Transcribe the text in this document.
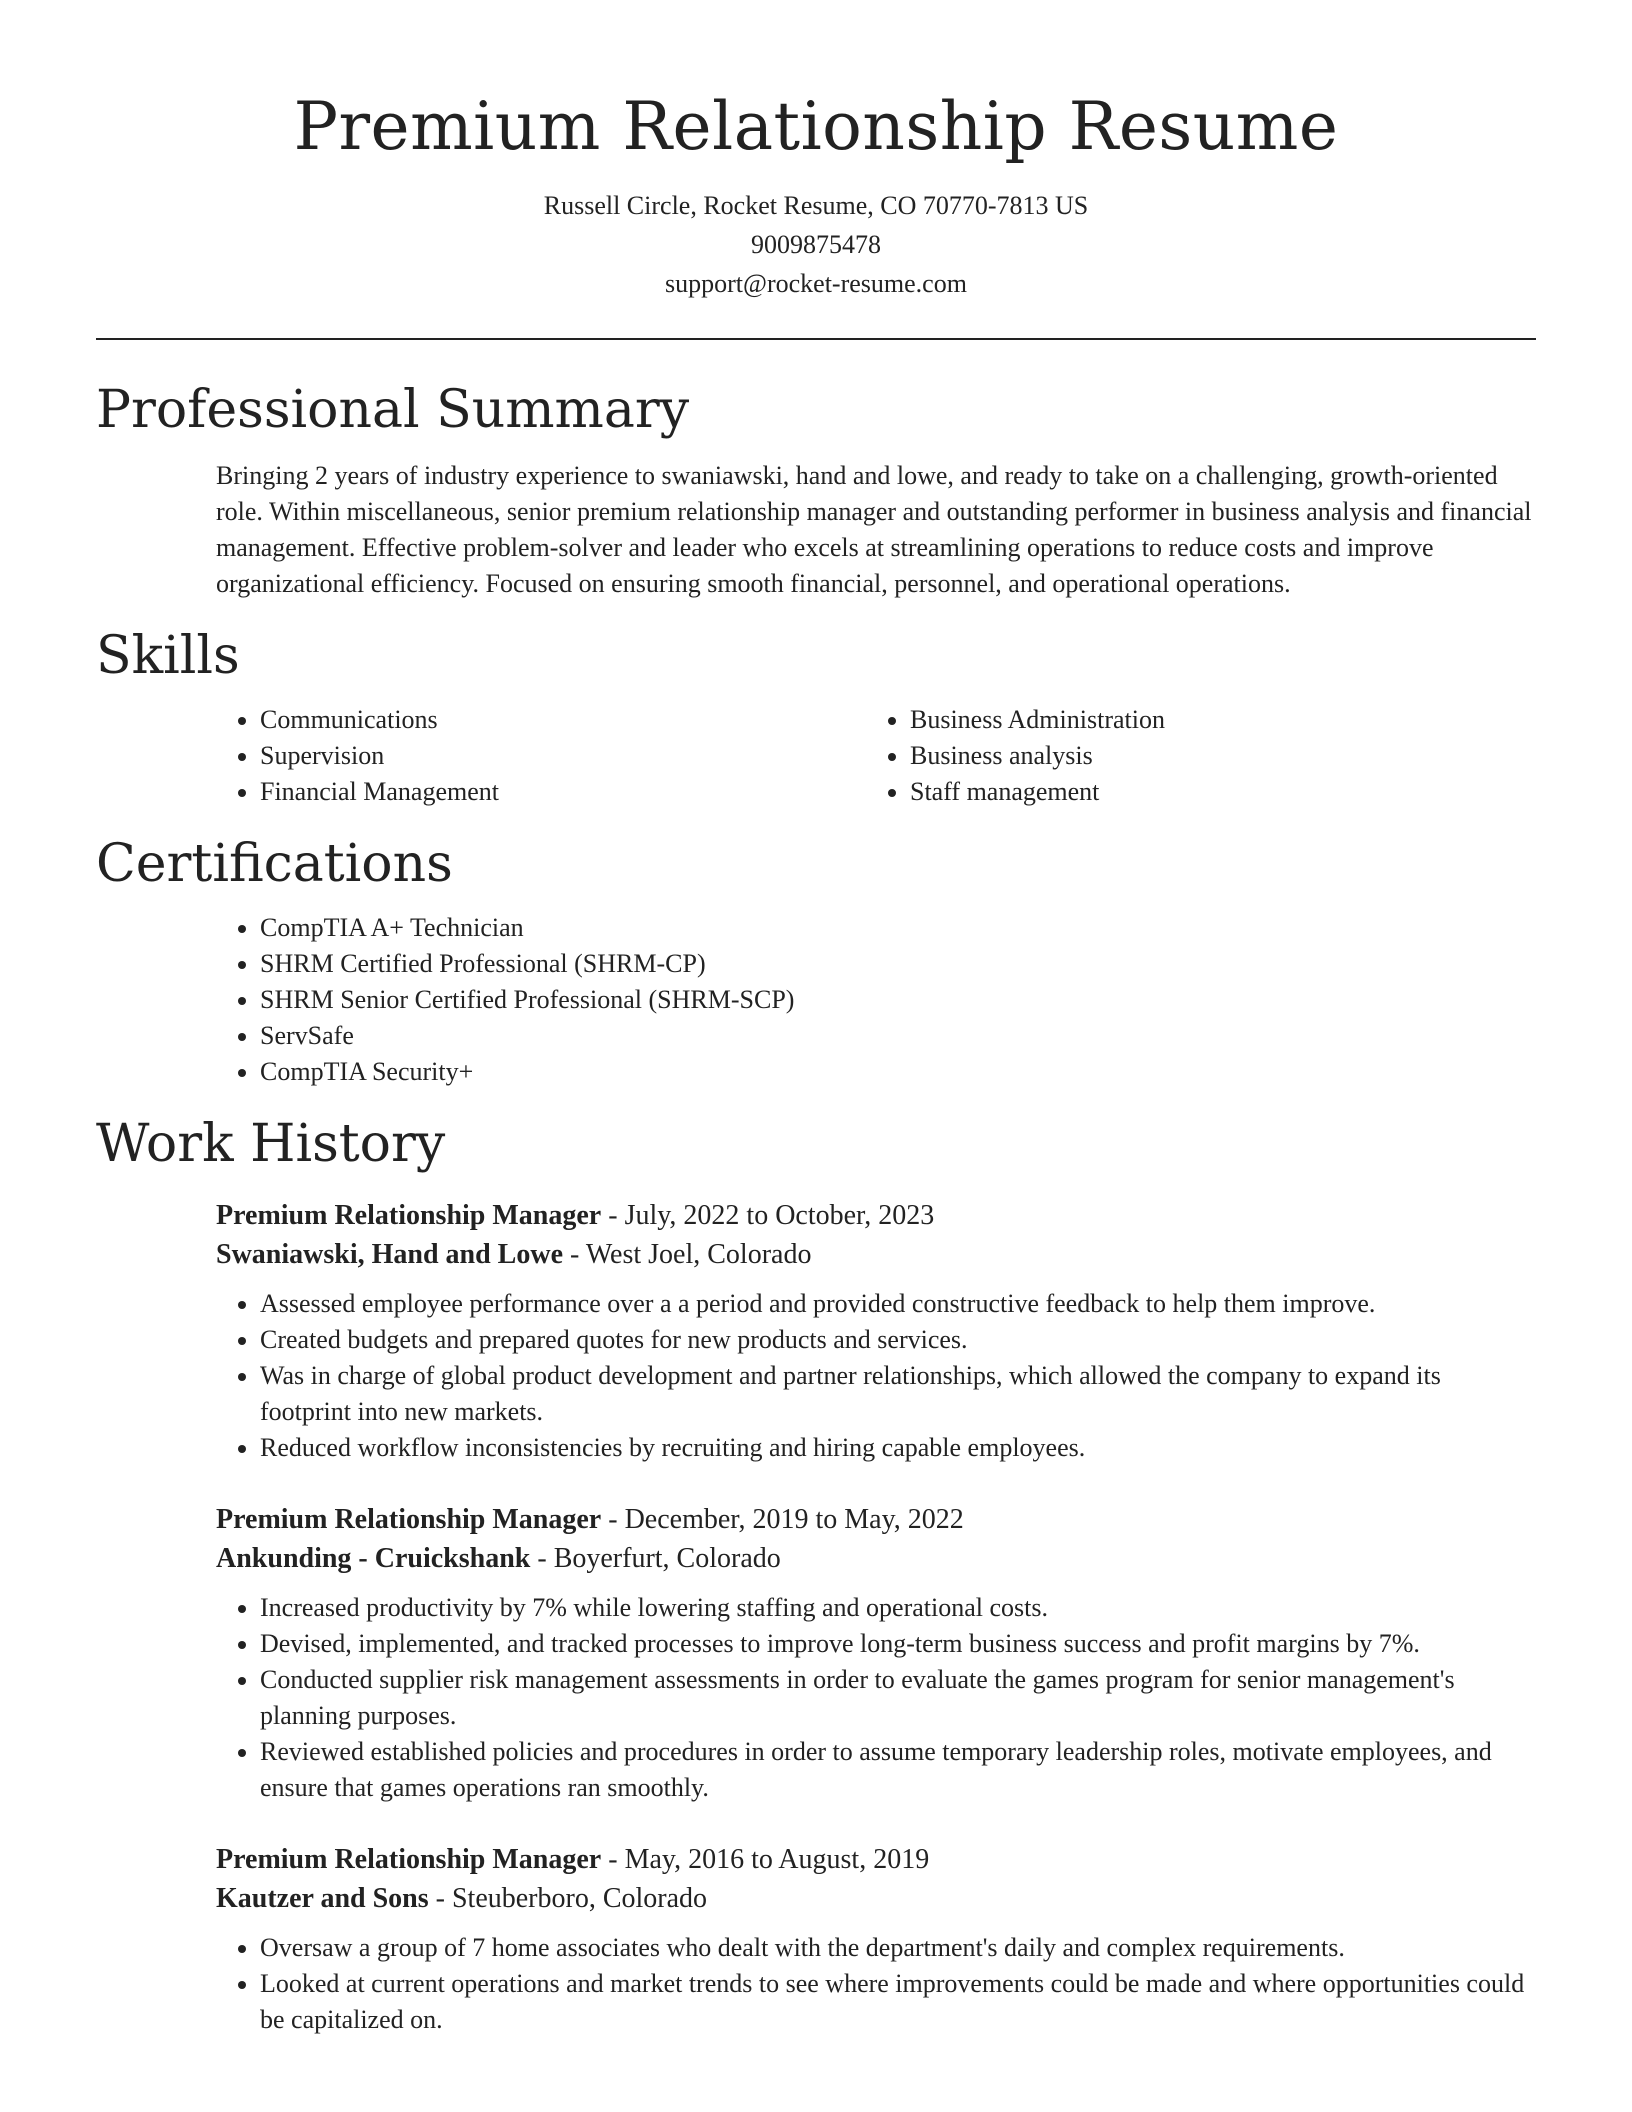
Premium Relationship Resume
Russell Circle, Rocket Resume, CO 70770-7813 US
9009875478
support@rocket-resume.com
Professional Summary
Bringing 2 years of industry experience to swaniawski, hand and lowe, and ready to take on a challenging, growth-oriented role. Within miscellaneous, senior premium relationship manager and outstanding performer in business analysis and financial management. Effective problem-solver and leader who excels at streamlining operations to reduce costs and improve organizational efficiency. Focused on ensuring smooth financial, personnel, and operational operations.
Skills
• Communications
• Supervision
• Financial Management
• Business Administration
• Business analysis
• Staff management
Certifications
• CompTIA A+ Technician
• SHRM Certified Professional (SHRM-CP)
• SHRM Senior Certified Professional (SHRM-SCP)
• ServSafe
• CompTIA Security+
Work History
Premium Relationship Manager - July, 2022 to October, 2023
Swaniawski, Hand and Lowe - West Joel, Colorado
• Assessed employee performance over a a period and provided constructive feedback to help them improve.
• Created budgets and prepared quotes for new products and services.
• Was in charge of global product development and partner relationships, which allowed the company to expand its footprint into new markets.
• Reduced workflow inconsistencies by recruiting and hiring capable employees.
Premium Relationship Manager - December, 2019 to May, 2022
Ankunding - Cruickshank - Boyerfurt, Colorado
• Increased productivity by 7% while lowering staffing and operational costs.
• Devised, implemented, and tracked processes to improve long-term business success and profit margins by 7%.
• Conducted supplier risk management assessments in order to evaluate the games program for senior management's planning purposes.
• Reviewed established policies and procedures in order to assume temporary leadership roles, motivate employees, and ensure that games operations ran smoothly.
Premium Relationship Manager - May, 2016 to August, 2019
Kautzer and Sons - Steuberboro, Colorado
• Oversaw a group of 7 home associates who dealt with the department's daily and complex requirements.
• Looked at current operations and market trends to see where improvements could be made and where opportunities could be capitalized on.
